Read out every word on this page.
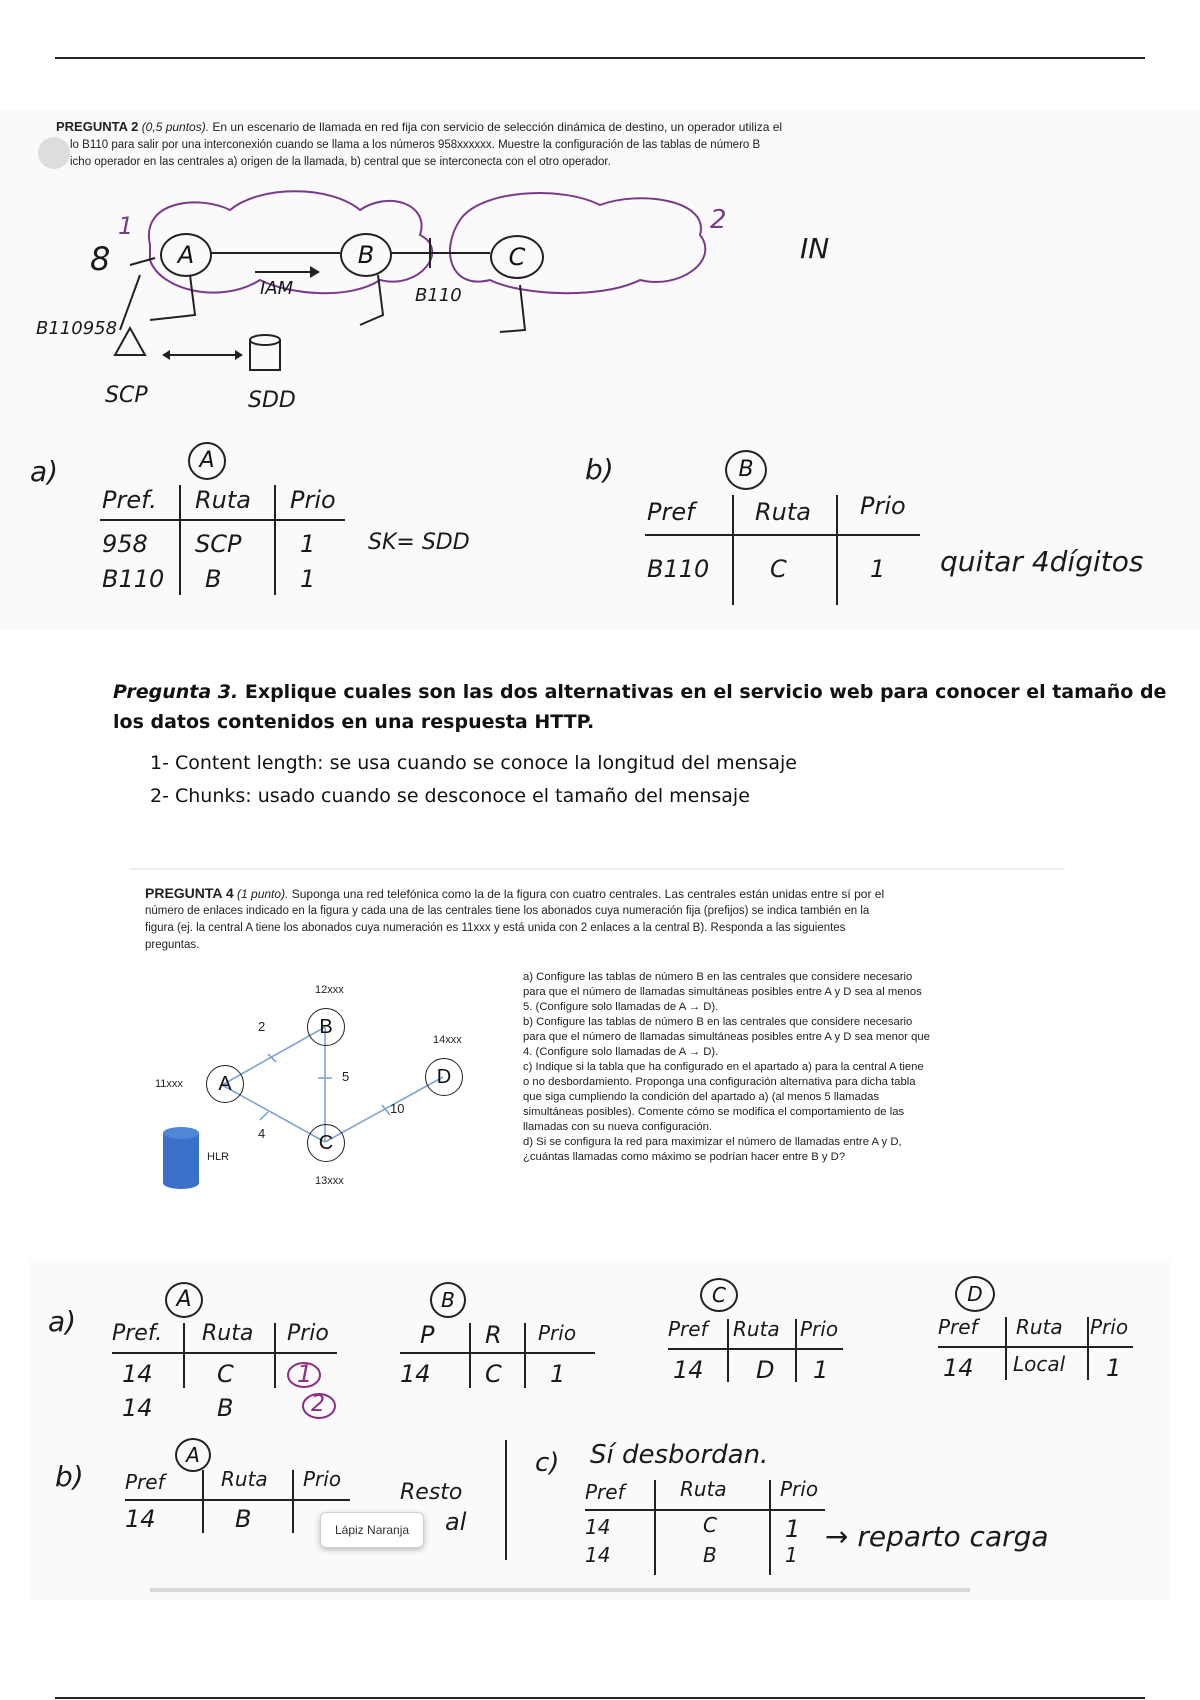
PREGUNTA 2 (0,5 puntos). En un escenario de llamada en red fija con servicio de selección dinámica de destino, un operador utiliza el
lo B110 para salir por una interconexión cuando se llama a los números 958xxxxxx. Muestre la configuración de las tablas de número B
icho operador en las centrales a) origen de la llamada, b) central que se interconecta con el otro operador.
A	B	C
IAM	B110
IN
1	2
8
B110958
SCP	SDD
a)	A
Pref. Ruta Prio
958 SCP 1
B110 B	1
SK= SDD
b)	B
Pref	Ruta Prio
B110	C	1 quitar 4dígitos
Pregunta 3. Explique cuales son las dos alternativas en el servicio web para conocer el tamaño de
los datos contenidos en una respuesta HTTP.
1- Content length: se usa cuando se conoce la longitud del mensaje
2- Chunks: usado cuando se desconoce el tamaño del mensaje
PREGUNTA 4 (1 punto). Suponga una red telefónica como la de la figura con cuatro centrales. Las centrales están unidas entre sí por el
número de enlaces indicado en la figura y cada una de las centrales tiene los abonados cuya numeración fija (prefijos) se indica también en la
figura (ej. la central A tiene los abonados cuya numeración es 11xxx y está unida con 2 enlaces a la central B). Responda a las siguientes
preguntas.
A
B
C
D
11xxx
12xxx
13xxx
14xxx
2
4
5
10
HLR
a) Configure las tablas de número B en las centrales que considere necesario
para que el número de llamadas simultáneas posibles entre A y D sea al menos
5. (Configure solo llamadas de A → D).
b) Configure las tablas de número B en las centrales que considere necesario
para que el número de llamadas simultáneas posibles entre A y D sea menor que
4. (Configure solo llamadas de A → D).
c) Indique si la tabla que ha configurado en el apartado a) para la central A tiene
o no desbordamiento. Proponga una configuración alternativa para dicha tabla
que siga cumpliendo la condición del apartado a) (al menos 5 llamadas
simultáneas posibles). Comente cómo se modifica el comportamiento de las
llamadas con su nueva configuración.
d) Si se configura la red para maximizar el número de llamadas entre A y D,
¿cuántas llamadas como máximo se podrían hacer entre B y D?
a)
A
Pref. Ruta Prio
14	C	1
14	B	2
B
P R Prio
14 C 1
C
Pref Ruta Prio
14 D 1
D
Pref Ruta Prio
14 Local 1
b)
A
Pref	Ruta Prio
14	B
Resto
al
Lápiz Naranja
c) Sí desbordan.
Pref	Ruta	Prio
14	C	1
14	B	1
→ reparto carga
